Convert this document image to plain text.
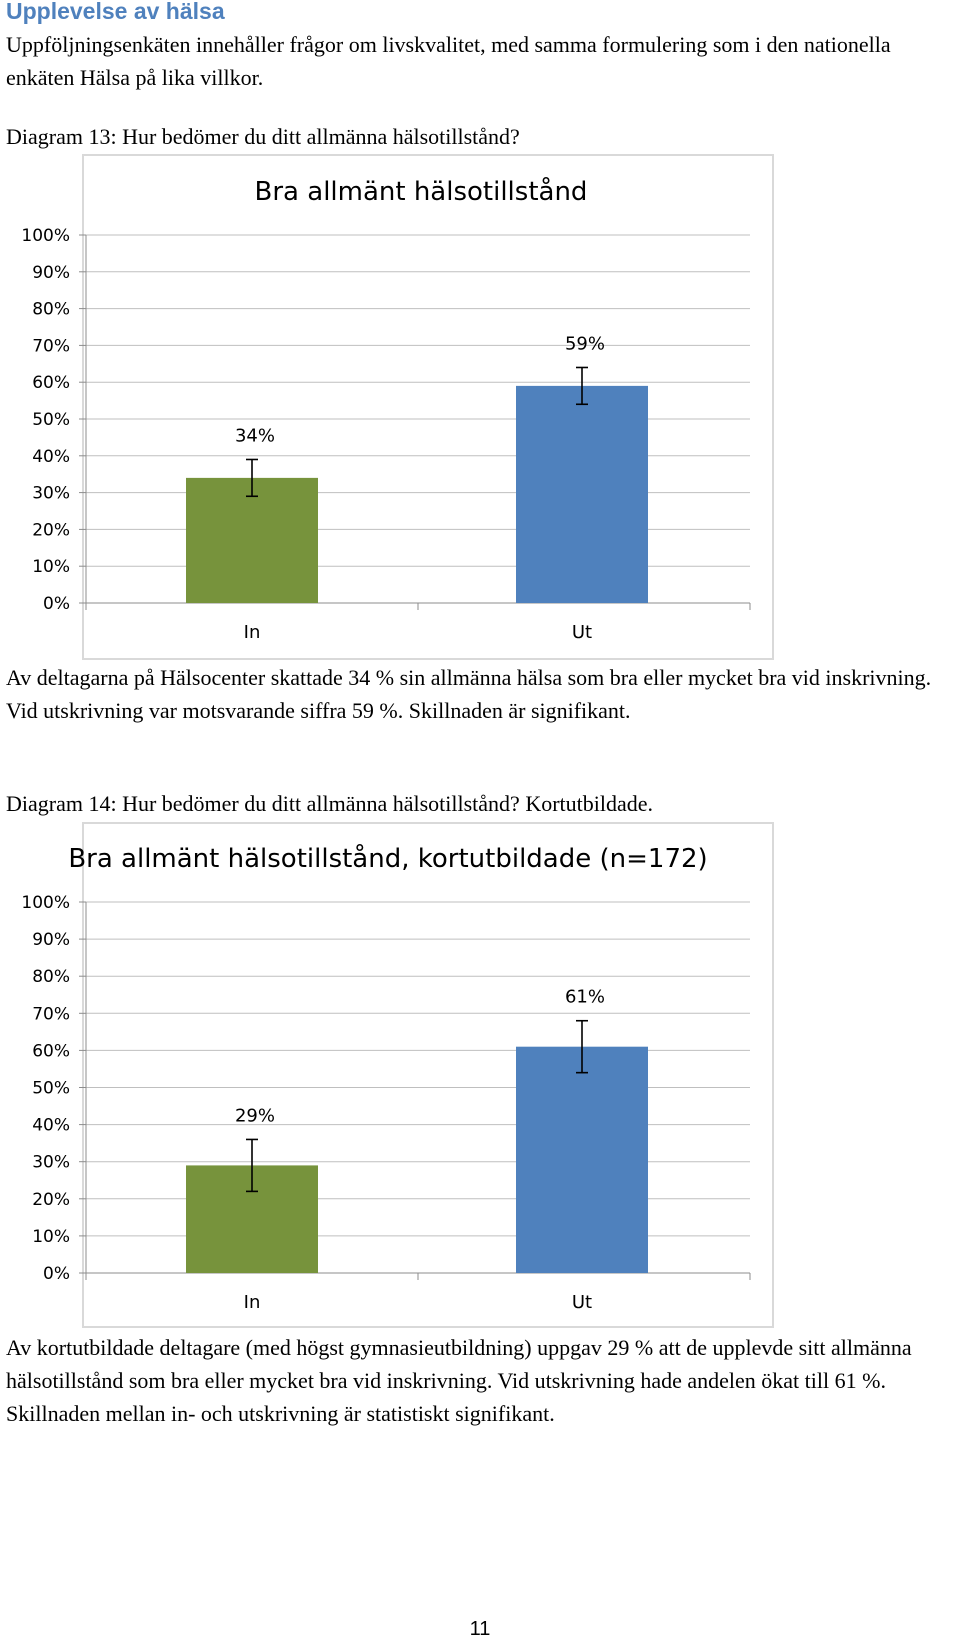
Upplevelse av hälsa
Uppföljningsenkäten innehåller frågor om livskvalitet, med samma formulering som i den nationella enkäten Hälsa på lika villkor.
Diagram 13: Hur bedömer du ditt allmänna hälsotillstånd?
Bra allmänt hälsotillstånd
0%
10%
20%
30%
40%
50%
60%
70%
80%
90%
100%
34%
In
59%
Ut
Av deltagarna på Hälsocenter skattade 34 % sin allmänna hälsa som bra eller mycket bra vid inskrivning. Vid utskrivning var motsvarande siffra 59 %. Skillnaden är signifikant.
Diagram 14: Hur bedömer du ditt allmänna hälsotillstånd? Kortutbildade.
Bra allmänt hälsotillstånd, kortutbildade (n=172)
0%
10%
20%
30%
40%
50%
60%
70%
80%
90%
100%
29%
In
61%
Ut
Av kortutbildade deltagare (med högst gymnasieutbildning) uppgav 29 % att de upplevde sitt allmänna hälsotillstånd som bra eller mycket bra vid inskrivning. Vid utskrivning hade andelen ökat till 61 %. Skillnaden mellan in- och utskrivning är statistiskt signifikant.
11
